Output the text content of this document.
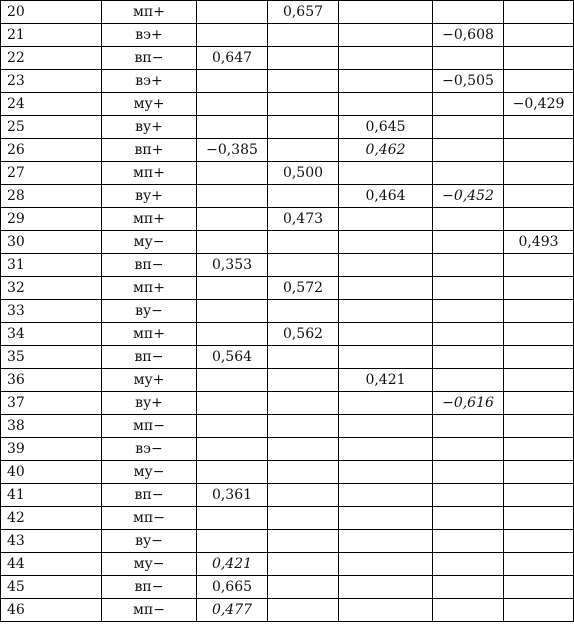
20	мп+		0,657			
21	вэ+				−0,608	
22	вп−	0,647				
23	вэ+				−0,505	
24	му+					−0,429
25	ву+			0,645		
26	вп+	−0,385		0,462		
27	мп+		0,500			
28	ву+			0,464	−0,452	
29	мп+		0,473			
30	му−					0,493
31	вп−	0,353				
32	мп+		0,572			
33	ву−					
34	мп+		0,562			
35	вп−	0,564				
36	му+			0,421		
37	ву+				−0,616	
38	мп−					
39	вэ−					
40	му−					
41	вп−	0,361				
42	мп−					
43	ву−					
44	му−	0,421				
45	вп−	0,665				
46	мп−	0,477				
